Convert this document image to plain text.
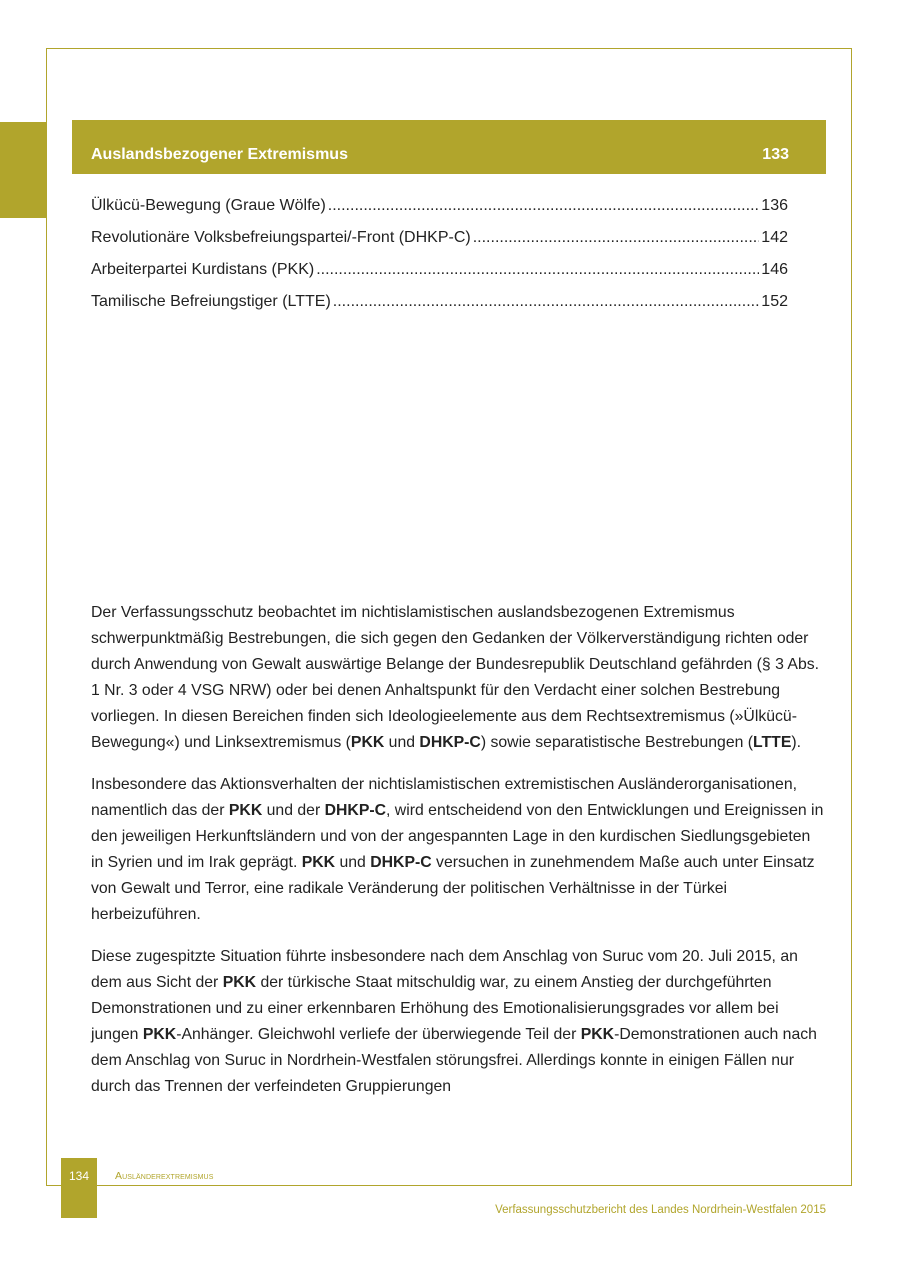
Auslandsbezogener Extremismus	133
Ülkücü-Bewegung (Graue Wölfe) .....	136
Revolutionäre Volksbefreiungspartei/-Front (DHKP-C) .....	142
Arbeiterpartei Kurdistans (PKK) .....	146
Tamilische Befreiungstiger (LTTE) .....	152

Der Verfassungsschutz beobachtet im nichtislamistischen auslandsbezogenen Extremismus schwerpunktmäßig Bestrebungen, die sich gegen den Gedanken der Völkerverständigung richten oder durch Anwendung von Gewalt auswärtige Belange der Bundesrepublik Deutschland gefährden (§ 3 Abs. 1 Nr. 3 oder 4 VSG NRW) oder bei denen Anhaltspunkt für den Verdacht einer solchen Bestrebung vorliegen. In diesen Bereichen finden sich Ideologieelemente aus dem Rechtsextremismus (»Ülkücü-Bewegung«) und Linksextremismus (PKK und DHKP-C) sowie separatistische Bestrebungen (LTTE).

Insbesondere das Aktionsverhalten der nichtislamistischen extremistischen Ausländerorganisationen, namentlich das der PKK und der DHKP-C, wird entscheidend von den Entwicklungen und Ereignissen in den jeweiligen Herkunftsländern und von der angespannten Lage in den kurdischen Siedlungsgebieten in Syrien und im Irak geprägt. PKK und DHKP-C versuchen in zunehmendem Maße auch unter Einsatz von Gewalt und Terror, eine radikale Veränderung der politischen Verhältnisse in der Türkei herbeizuführen.

Diese zugespitzte Situation führte insbesondere nach dem Anschlag von Suruc vom 20. Juli 2015, an dem aus Sicht der PKK der türkische Staat mitschuldig war, zu einem Anstieg der durchgeführten Demonstrationen und zu einer erkennbaren Erhöhung des Emotionalisierungsgrades vor allem bei jungen PKK-Anhänger. Gleichwohl verliefe der überwiegende Teil der PKK-Demonstrationen auch nach dem Anschlag von Suruc in Nordrhein-Westfalen störungsfrei. Allerdings konnte in einigen Fällen nur durch das Trennen der verfeindeten Gruppierungen

134	Ausländerextremismus
Verfassungsschutzbericht des Landes Nordrhein-Westfalen 2015
